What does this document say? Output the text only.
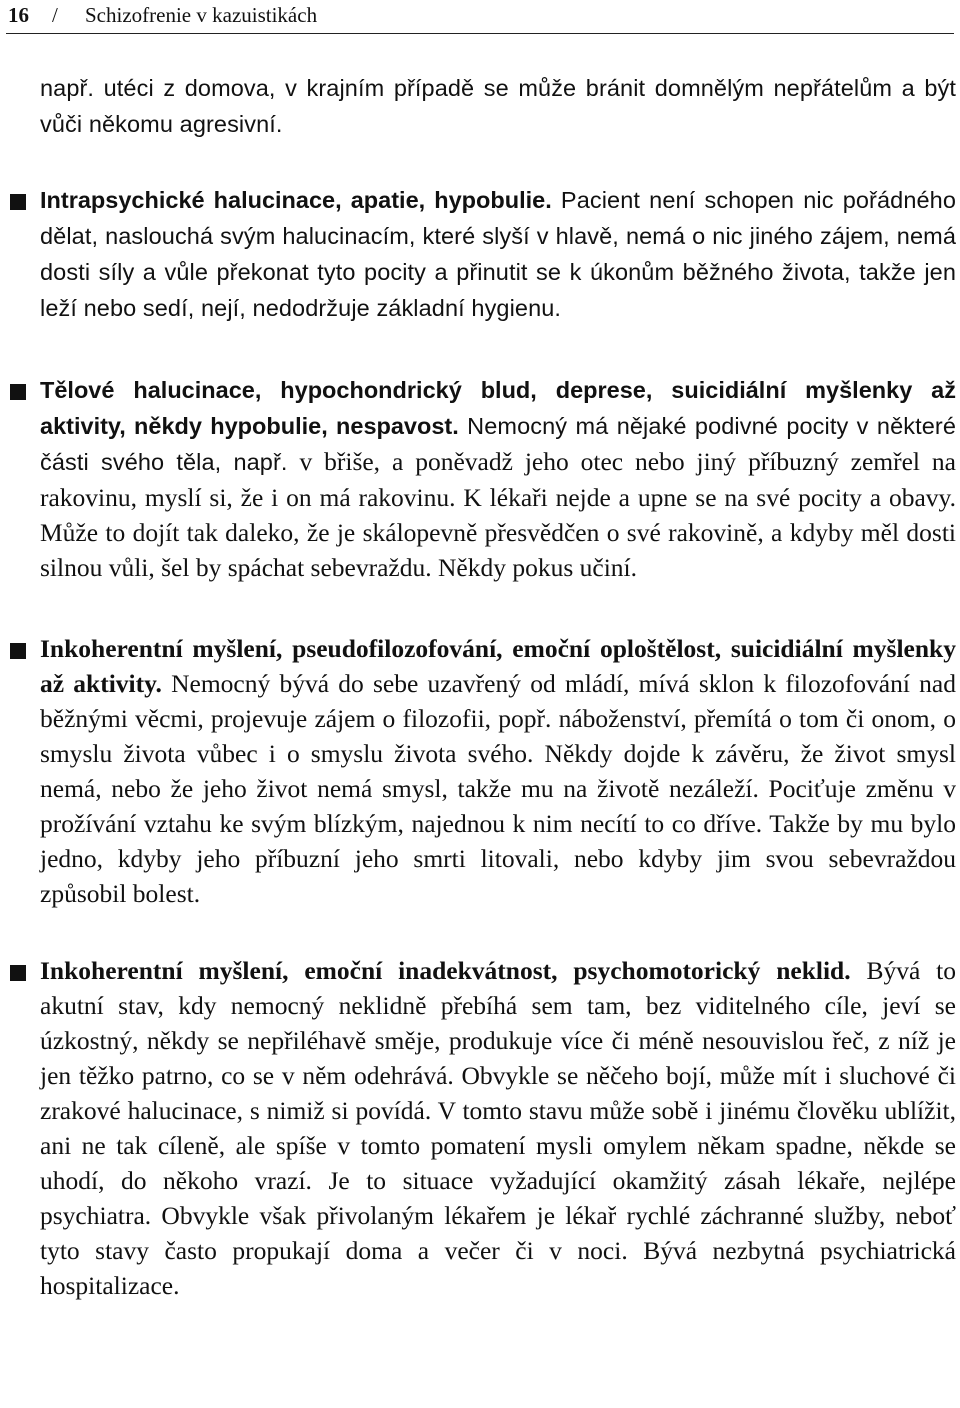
16 / Schizofrenie v kazuistikách

např. utéci z domova, v krajním případě se může bránit domnělým nepřátelům a být vůči někomu agresivní.

Intrapsychické halucinace, apatie, hypobulie. Pacient není schopen nic pořádného dělat, naslouchá svým halucinacím, které slyší v hlavě, nemá o nic jiného zájem, nemá dosti síly a vůle překonat tyto pocity a přinutit se k úkonům běžného života, takže jen leží nebo sedí, nejí, nedodržuje základní hygienu.

Tělové halucinace, hypochondrický blud, deprese, suicidiální myšlenky až aktivity, někdy hypobulie, nespavost. Nemocný má nějaké podivné pocity v některé části svého těla, např. v břiše, a poněvadž jeho otec nebo jiný příbuzný zemřel na rakovinu, myslí si, že i on má rakovinu. K lékaři nejde a upne se na své pocity a obavy. Může to dojít tak daleko, že je skálopevně přesvědčen o své rakovině, a kdyby měl dosti silnou vůli, šel by spáchat sebevraždu. Někdy pokus učiní.

Inkoherentní myšlení, pseudofilozofování, emoční oploštělost, suicidiální myšlenky až aktivity. Nemocný bývá do sebe uzavřený od mládí, mívá sklon k filozofování nad běžnými věcmi, projevuje zájem o filozofii, popř. náboženství, přemítá o tom či onom, o smyslu života vůbec i o smyslu života svého. Někdy dojde k závěru, že život smysl nemá, nebo že jeho život nemá smysl, takže mu na životě nezáleží. Pociťuje změnu v prožívání vztahu ke svým blízkým, najednou k nim necítí to co dříve. Takže by mu bylo jedno, kdyby jeho příbuzní jeho smrti litovali, nebo kdyby jim svou sebevraždou způsobil bolest.

Inkoherentní myšlení, emoční inadekvátnost, psychomotorický neklid. Bývá to akutní stav, kdy nemocný neklidně přebíhá sem tam, bez viditelného cíle, jeví se úzkostný, někdy se nepřiléhavě směje, produkuje více či méně nesouvislou řeč, z níž je jen těžko patrno, co se v něm odehrává. Obvykle se něčeho bojí, může mít i sluchové či zrakové halucinace, s nimiž si povídá. V tomto stavu může sobě i jinému člověku ublížit, ani ne tak cíleně, ale spíše v tomto pomatení mysli omylem někam spadne, někde se uhodí, do někoho vrazí. Je to situace vyžadující okamžitý zásah lékaře, nejlépe psychiatra. Obvykle však přivolaným lékařem je lékař rychlé záchranné služby, neboť tyto stavy často propukají doma a večer či v noci. Bývá nezbytná psychiatrická hospitalizace.
